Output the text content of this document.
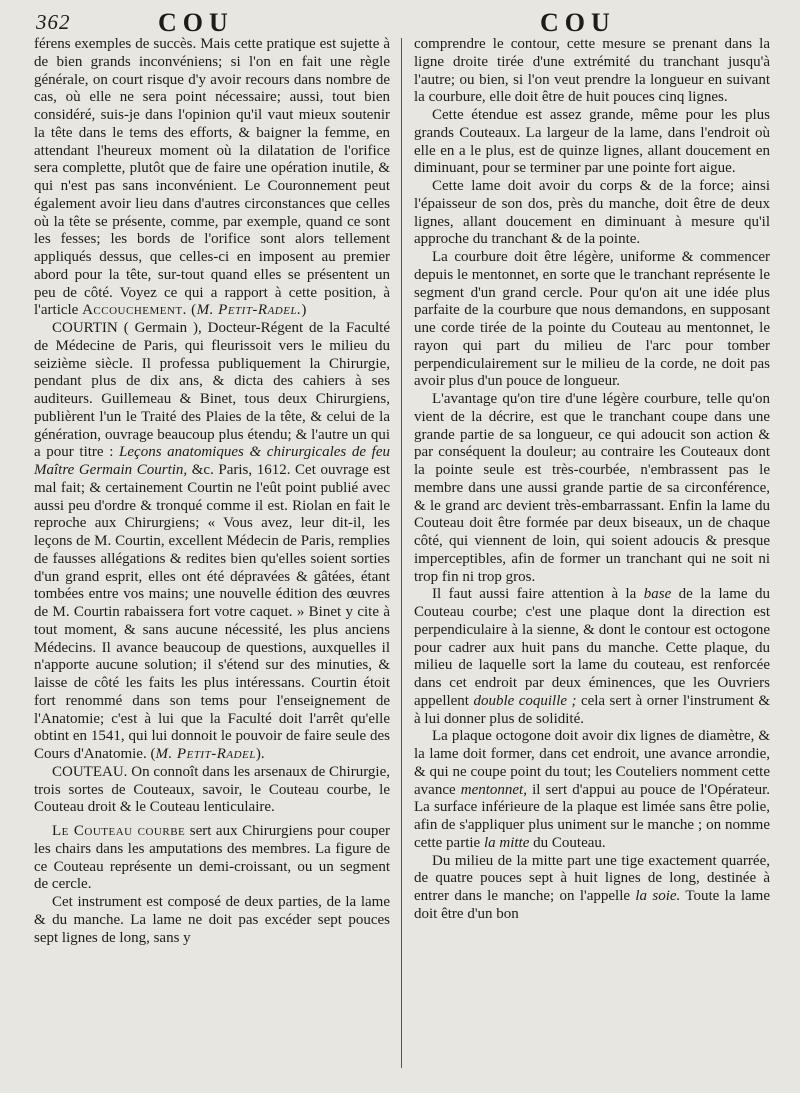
362	COU	COU

férens exemples de succès. Mais cette pratique est sujette à de bien grands inconvéniens; si l'on en fait une règle générale, on court risque d'y avoir recours dans nombre de cas, où elle ne sera point nécessaire; aussi, tout bien considéré, suis-je dans l'opinion qu'il vaut mieux soutenir la tête dans le tems des efforts, & baigner la femme, en attendant l'heureux moment où la dilatation de l'orifice sera complette, plutôt que de faire une opération inutile, & qui n'est pas sans inconvénient. Le Couronnement peut également avoir lieu dans d'autres circonstances que celles où la tête se présente, comme, par exemple, quand ce sont les fesses; les bords de l'orifice sont alors tellement appliqués dessus, que celles-ci en imposent au premier abord pour la tête, sur-tout quand elles se présentent un peu de côté. Voyez ce qui a rapport à cette position, à l'article Accouchement. (M. Petit-Radel.)

COURTIN ( Germain ), Docteur-Régent de la Faculté de Médecine de Paris, qui fleurissoit vers le milieu du seizième siècle. Il professa publiquement la Chirurgie, pendant plus de dix ans, & dicta des cahiers à ses auditeurs. Guillemeau & Binet, tous deux Chirurgiens, publièrent l'un le Traité des Plaies de la tête, & celui de la génération, ouvrage beaucoup plus étendu; & l'autre un qui a pour titre : Leçons anatomiques & chirurgicales de feu Maître Germain Courtin, &c. Paris, 1612. Cet ouvrage est mal fait; & certainement Courtin ne l'eût point publié avec aussi peu d'ordre & tronqué comme il est. Riolan en fait le reproche aux Chirurgiens; « Vous avez, leur dit-il, les leçons de M. Courtin, excellent Médecin de Paris, remplies de fausses allégations & redites bien qu'elles soient sorties d'un grand esprit, elles ont été dépravées & gâtées, étant tombées entre vos mains; une nouvelle édition des œuvres de M. Courtin rabaissera fort votre caquet. » Binet y cite à tout moment, & sans aucune nécessité, les plus anciens Médecins. Il avance beaucoup de questions, auxquelles il n'apporte aucune solution; il s'étend sur des minuties, & laisse de côté les faits les plus intéressans. Courtin étoit fort renommé dans son tems pour l'enseignement de l'Anatomie; c'est à lui que la Faculté doit l'arrêt qu'elle obtint en 1541, qui lui donnoit le pouvoir de faire seule des Cours d'Anatomie. (M. Petit-Radel).

COUTEAU. On connoît dans les arsenaux de Chirurgie, trois sortes de Couteaux, savoir, le Couteau courbe, le Couteau droit & le Couteau lenticulaire.

Le Couteau courbe sert aux Chirurgiens pour couper les chairs dans les amputations des membres. La figure de ce Couteau représente un demi-croissant, ou un segment de cercle.

Cet instrument est composé de deux parties, de la lame & du manche. La lame ne doit pas excéder sept pouces sept lignes de long, sans y

comprendre le contour, cette mesure se prenant dans la ligne droite tirée d'une extrémité du tranchant jusqu'à l'autre; ou bien, si l'on veut prendre la longueur en suivant la courbure, elle doit être de huit pouces cinq lignes.

Cette étendue est assez grande, même pour les plus grands Couteaux. La largeur de la lame, dans l'endroit où elle en a le plus, est de quinze lignes, allant doucement en diminuant, pour se terminer par une pointe fort aigue.

Cette lame doit avoir du corps & de la force; ainsi l'épaisseur de son dos, près du manche, doit être de deux lignes, allant doucement en diminuant à mesure qu'il approche du tranchant & de la pointe.

La courbure doit être légère, uniforme & commencer depuis le mentonnet, en sorte que le tranchant représente le segment d'un grand cercle. Pour qu'on ait une idée plus parfaite de la courbure que nous demandons, en supposant une corde tirée de la pointe du Couteau au mentonnet, le rayon qui part du milieu de l'arc pour tomber perpendiculairement sur le milieu de la corde, ne doit pas avoir plus d'un pouce de longueur.

L'avantage qu'on tire d'une légère courbure, telle qu'on vient de la décrire, est que le tranchant coupe dans une grande partie de sa longueur, ce qui adoucit son action & par conséquent la douleur; au contraire les Couteaux dont la pointe seule est très-courbée, n'embrassent pas le membre dans une aussi grande partie de sa circonférence, & le grand arc devient très-embarrassant. Enfin la lame du Couteau doit être formée par deux biseaux, un de chaque côté, qui viennent de loin, qui soient adoucis & presque imperceptibles, afin de former un tranchant qui ne soit ni trop fin ni trop gros.

Il faut aussi faire attention à la base de la lame du Couteau courbe; c'est une plaque dont la direction est perpendiculaire à la sienne, & dont le contour est octogone pour cadrer aux huit pans du manche. Cette plaque, du milieu de laquelle sort la lame du couteau, est renforcée dans cet endroit par deux éminences, que les Ouvriers appellent double coquille ; cela sert à orner l'instrument & à lui donner plus de solidité.

La plaque octogone doit avoir dix lignes de diamètre, & la lame doit former, dans cet endroit, une avance arrondie, & qui ne coupe point du tout; les Couteliers nomment cette avance mentonnet, il sert d'appui au pouce de l'Opérateur. La surface inférieure de la plaque est limée sans être polie, afin de s'appliquer plus uniment sur le manche ; on nomme cette partie la mitte du Couteau.

Du milieu de la mitte part une tige exactement quarrée, de quatre pouces sept à huit lignes de long, destinée à entrer dans le manche; on l'appelle la soie. Toute la lame doit être d'un bon
